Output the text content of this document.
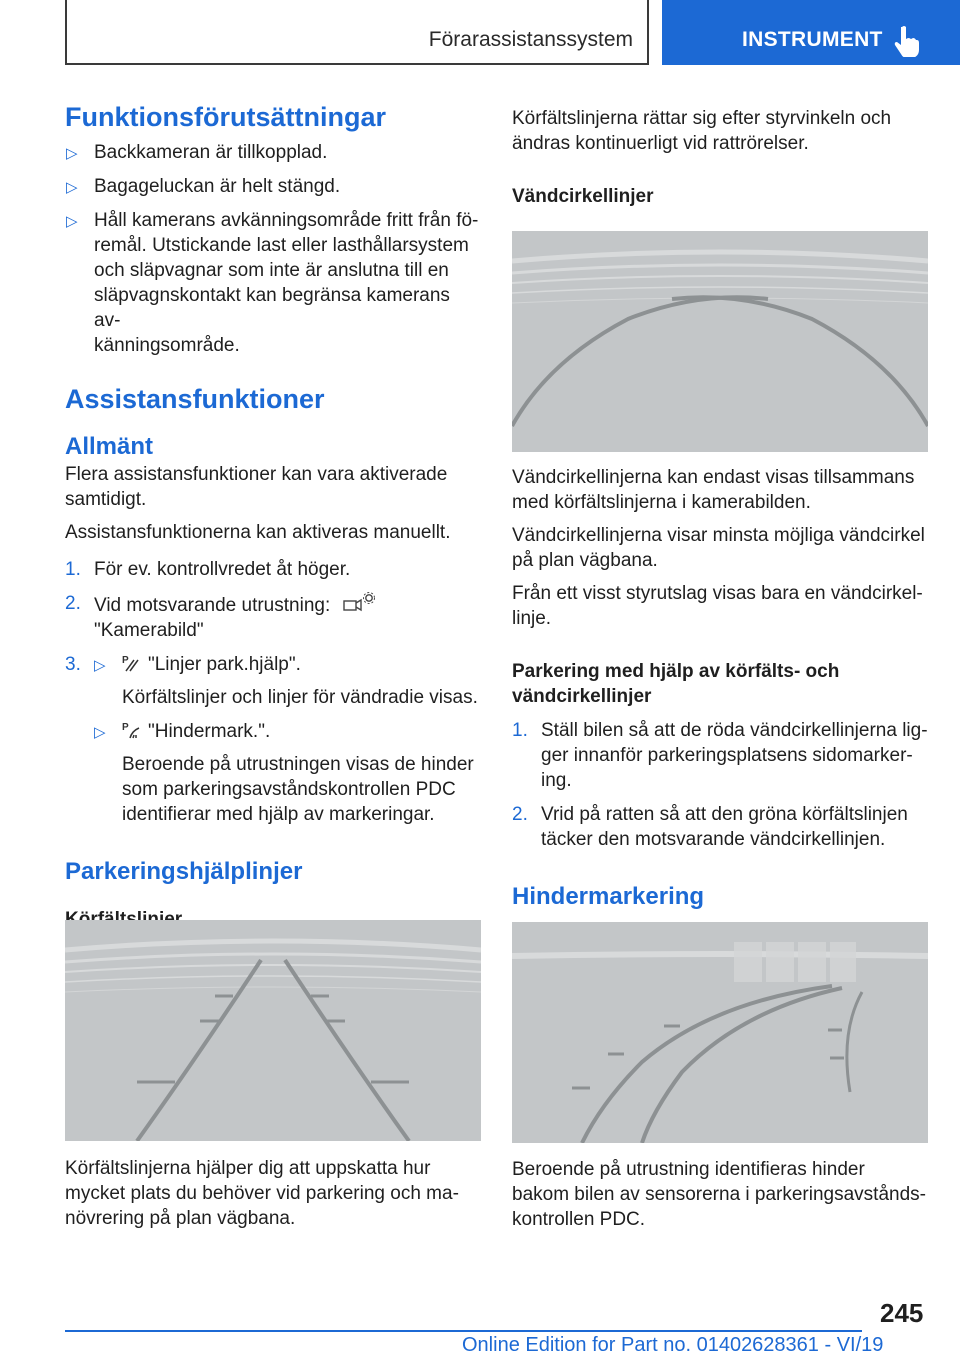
Förarassistanssystem	INSTRUMENT
Funktionsförutsättningar
▷ Backkameran är tillkopplad.
▷ Bagageluckan är helt stängd.
▷ Håll kamerans avkänningsområde fritt från fö-
remål. Utstickande last eller lasthållarsystem
och släpvagnar som inte är anslutna till en
släpvagnskontakt kan begränsa kamerans av-
känningsområde.
Assistansfunktioner
Allmänt

Flera assistansfunktioner kan vara aktiverade
samtidigt.

Assistansfunktionerna kan aktiveras manuellt.

1. För ev. kontrollvredet åt höger.
2. Vid motsvarande utrustning:
"Kamerabild"
3. ▷ P "Linjer park.hjälp".
Körfältslinjer och linjer för vändradie visas.
▷ P "Hindermark.".
Beroende på utrustningen visas de hinder
som parkeringsavståndskontrollen PDC
identifierar med hjälp av markeringar.
Parkeringshjälplinjer

Körfältslinjerna hjälper dig att uppskatta hur

mycket plats du behöver vid parkering och ma-

növrering på plan vägbana.

Körfältslinjerna rättar sig efter styrvinkeln och

ändras kontinuerligt vid rattrörelser.

Vändcirkellinjer

Vändcirkellinjerna kan endast visas tillsammans

med körfältslinjerna i kamerabilden.

Vändcirkellinjerna visar minsta möjliga vändcirkel

på plan vägbana.

Från ett visst styrutslag visas bara en vändcirkel-

linje.

Parkering med hjälp av körfälts- och
vändcirkellinjer
1. Ställ bilen så att de röda vändcirkellinjerna lig-
ger innanför parkeringsplatsens sidomarker-
ing.
2. Vrid på ratten så att den gröna körfältslinjen
täcker den motsvarande vändcirkellinjen.
Hindermarkering

Beroende på utrustning identifieras hinder

bakom bilen av sensorerna i parkeringsavstånds-

kontrollen PDC.

245
Online Edition for Part no. 01402628361 - VI/19
